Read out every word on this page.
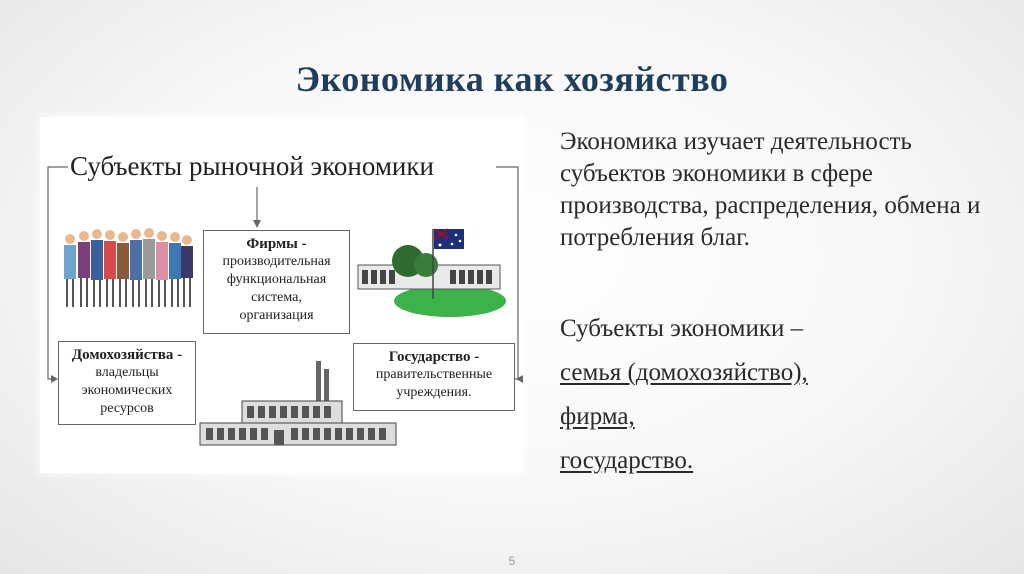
Экономика как хозяйство
Субъекты рыночной экономики
Фирмы -
производительная
функциональная
система,
организация
Домохозяйства -
владельцы
экономических
ресурсов
Государство -
правительственные
учреждения.

Экономика изучает деятельность субъектов экономики в сфере производства, распределения, обмена и потребления благ.

Субъекты экономики –
семья (домохозяйство),
фирма,
государство.
5
